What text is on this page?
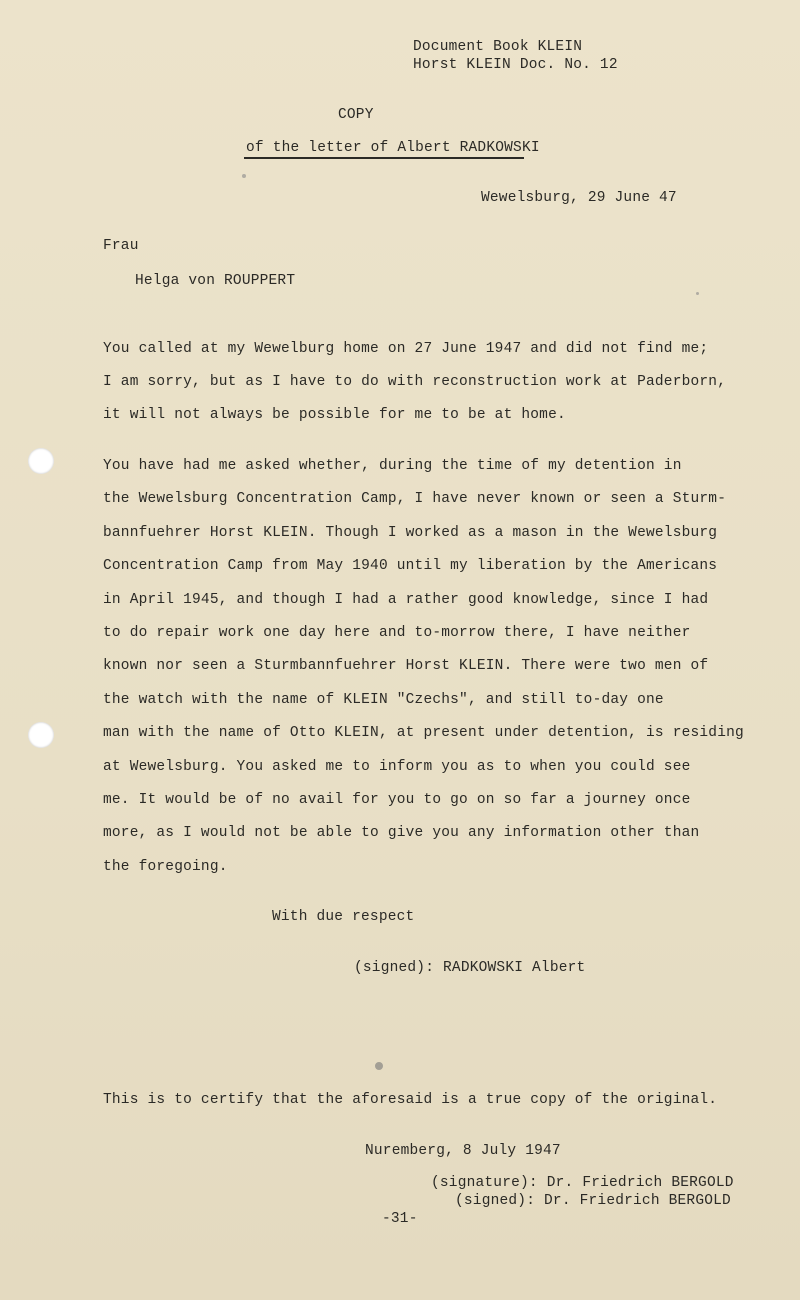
Document Book KLEIN
Horst KLEIN Doc. No. 12
COPY
of the letter of Albert RADKOWSKI
Wewelsburg, 29 June 47
Frau
Helga von ROUPPERT
You called at my Wewelburg home on 27 June 1947 and did not find me;
I am sorry, but as I have to do with reconstruction work at Paderborn,
it will not always be possible for me to be at home.
You have had me asked whether, during the time of my detention in
the Wewelsburg Concentration Camp, I have never known or seen a Sturm-
bannfuehrer Horst KLEIN. Though I worked as a mason in the Wewelsburg
Concentration Camp from May 1940 until my liberation by the Americans
in April 1945, and though I had a rather good knowledge, since I had
to do repair work one day here and to-morrow there, I have neither
known nor seen a Sturmbannfuehrer Horst KLEIN. There were two men of
the watch with the name of KLEIN "Czechs", and still to-day one
man with the name of Otto KLEIN, at present under detention, is residing
at Wewelsburg. You asked me to inform you as to when you could see
me. It would be of no avail for you to go on so far a journey once
more, as I would not be able to give you any information other than
the foregoing.
With due respect
(signed): RADKOWSKI Albert
This is to certify that the aforesaid is a true copy of the original.
Nuremberg, 8 July 1947
(signature): Dr. Friedrich BERGOLD
(signed): Dr. Friedrich BERGOLD
-31-
